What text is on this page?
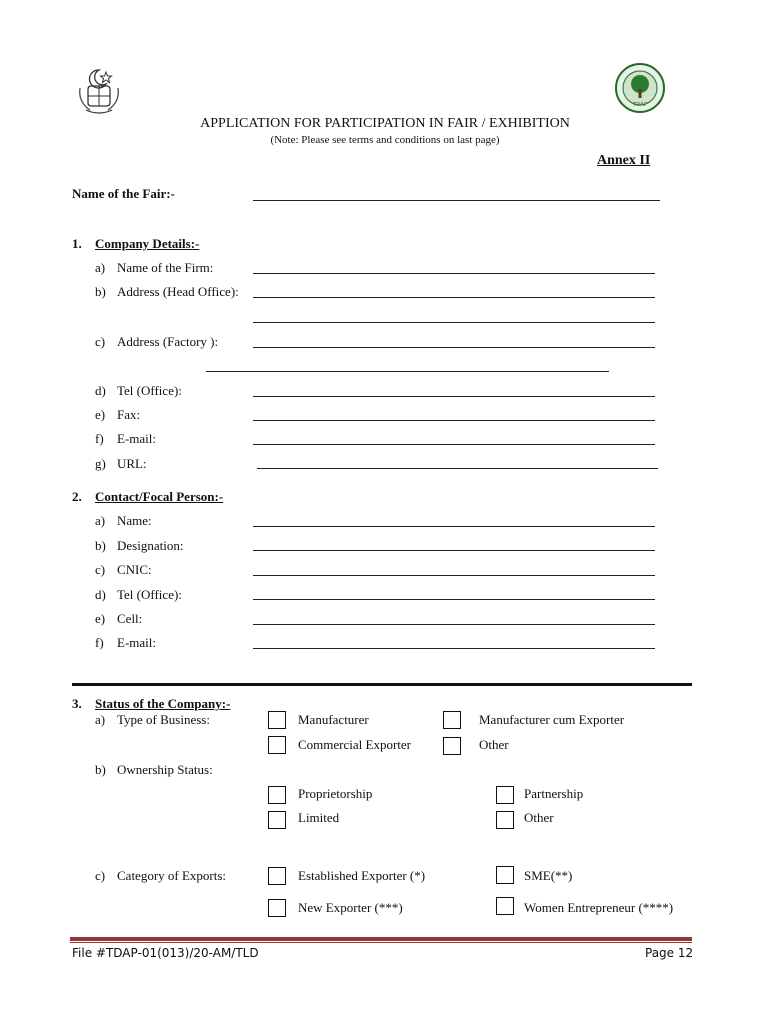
TDAP
APPLICATION FOR PARTICIPATION IN FAIR / EXHIBITION
(Note: Please see terms and conditions on last page)
Annex II
Name of the Fair:-
1. Company Details:-
a) Name of the Firm:
b) Address (Head Office):
c) Address (Factory ):
d) Tel (Office):
e) Fax:
f) E-mail:
g) URL:
2. Contact/Focal Person:-
a) Name:
b) Designation:
c) CNIC:
d) Tel (Office):
e) Cell:
f) E-mail:
3. Status of the Company:-
a) Type of Business:	Manufacturer	Manufacturer cum Exporter
Commercial Exporter	Other
b) Ownership Status:
Proprietorship	Partnership
Limited	Other
c) Category of Exports:	Established Exporter (*)	SME(**)
New Exporter (***)	Women Entrepreneur (****)
File #TDAP-01(013)/20-AM/TLD	Page 12
